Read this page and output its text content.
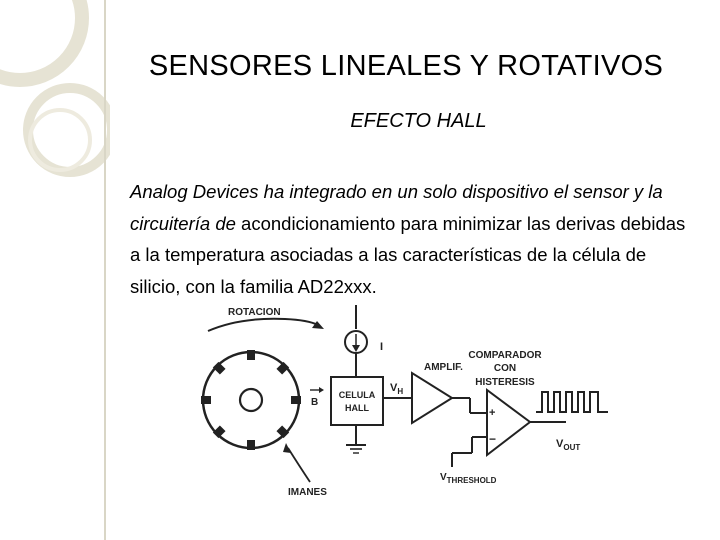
SENSORES LINEALES Y ROTATIVOS
EFECTO HALL

Analog Devices ha integrado en un solo dispositivo el sensor y la circuitería de acondicionamiento para minimizar las derivas debidas a la temperatura asociadas a las características de la célula de silicio, con la familia AD22xxx.

ROTACION
IMANES
B
I
CELULA
HALL
$V_H$
AMPLIF.
+
−
COMPARADOR
CON
HISTERESIS
$V_{OUT}$
$V_{THRESHOLD}$
